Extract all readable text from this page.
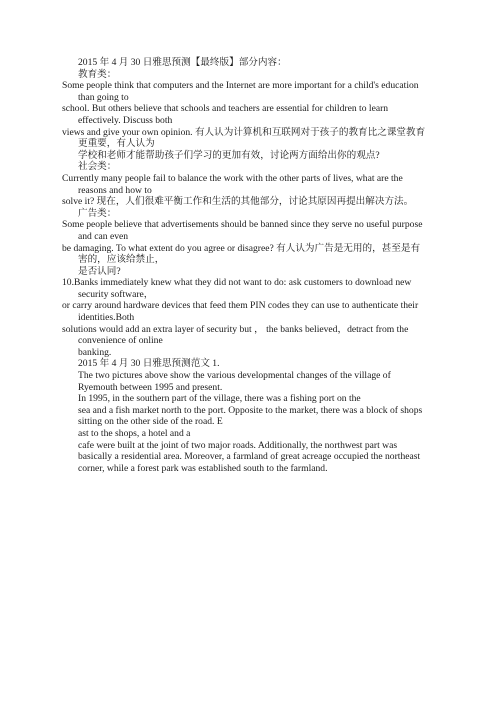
2015 年 4 月 30 日雅思预测【最终版】部分内容：

教育类：

Some people think that computers and the Internet are more important for a child's education than going to

school. But others believe that schools and teachers are essential for children to learn effectively. Discuss both

views and give your own opinion. 有人认为计算机和互联网对于孩子的教育比之课堂教育更重要，有人认为

学校和老师才能帮助孩子们学习的更加有效，讨论两方面给出你的观点?

社会类：

Currently many people fail to balance the work with the other parts of lives, what are the reasons and how to

solve it? 现在，人们很难平衡工作和生活的其他部分，讨论其原因再提出解决方法。

广告类：

Some people believe that advertisements should be banned since they serve no useful purpose and can even

be damaging. To what extent do you agree or disagree? 有人认为广告是无用的，甚至是有害的，应该给禁止，

是否认同?

10.Banks immediately knew what they did not want to do: ask customers to download new security software，

or carry around hardware devices that feed them PIN codes they can use to authenticate their identities.Both

solutions would add an extra layer of security but ， the banks believed，detract from the convenience of online

banking.

2015 年 4 月 30 日雅思预测范文 1.

The two pictures above show the various developmental changes of the village of Ryemouth between 1995 and present.

In 1995, in the southern part of the village, there was a fishing port on the

sea and a fish market north to the port. Opposite to the market, there was a block of shops sitting on the other side of the road. E

ast to the shops, a hotel and a

cafe were built at the joint of two major roads. Additionally, the northwest part was basically a residential area. Moreover, a farmland of great acreage occupied the northeast corner, while a forest park was established south to the farmland.
